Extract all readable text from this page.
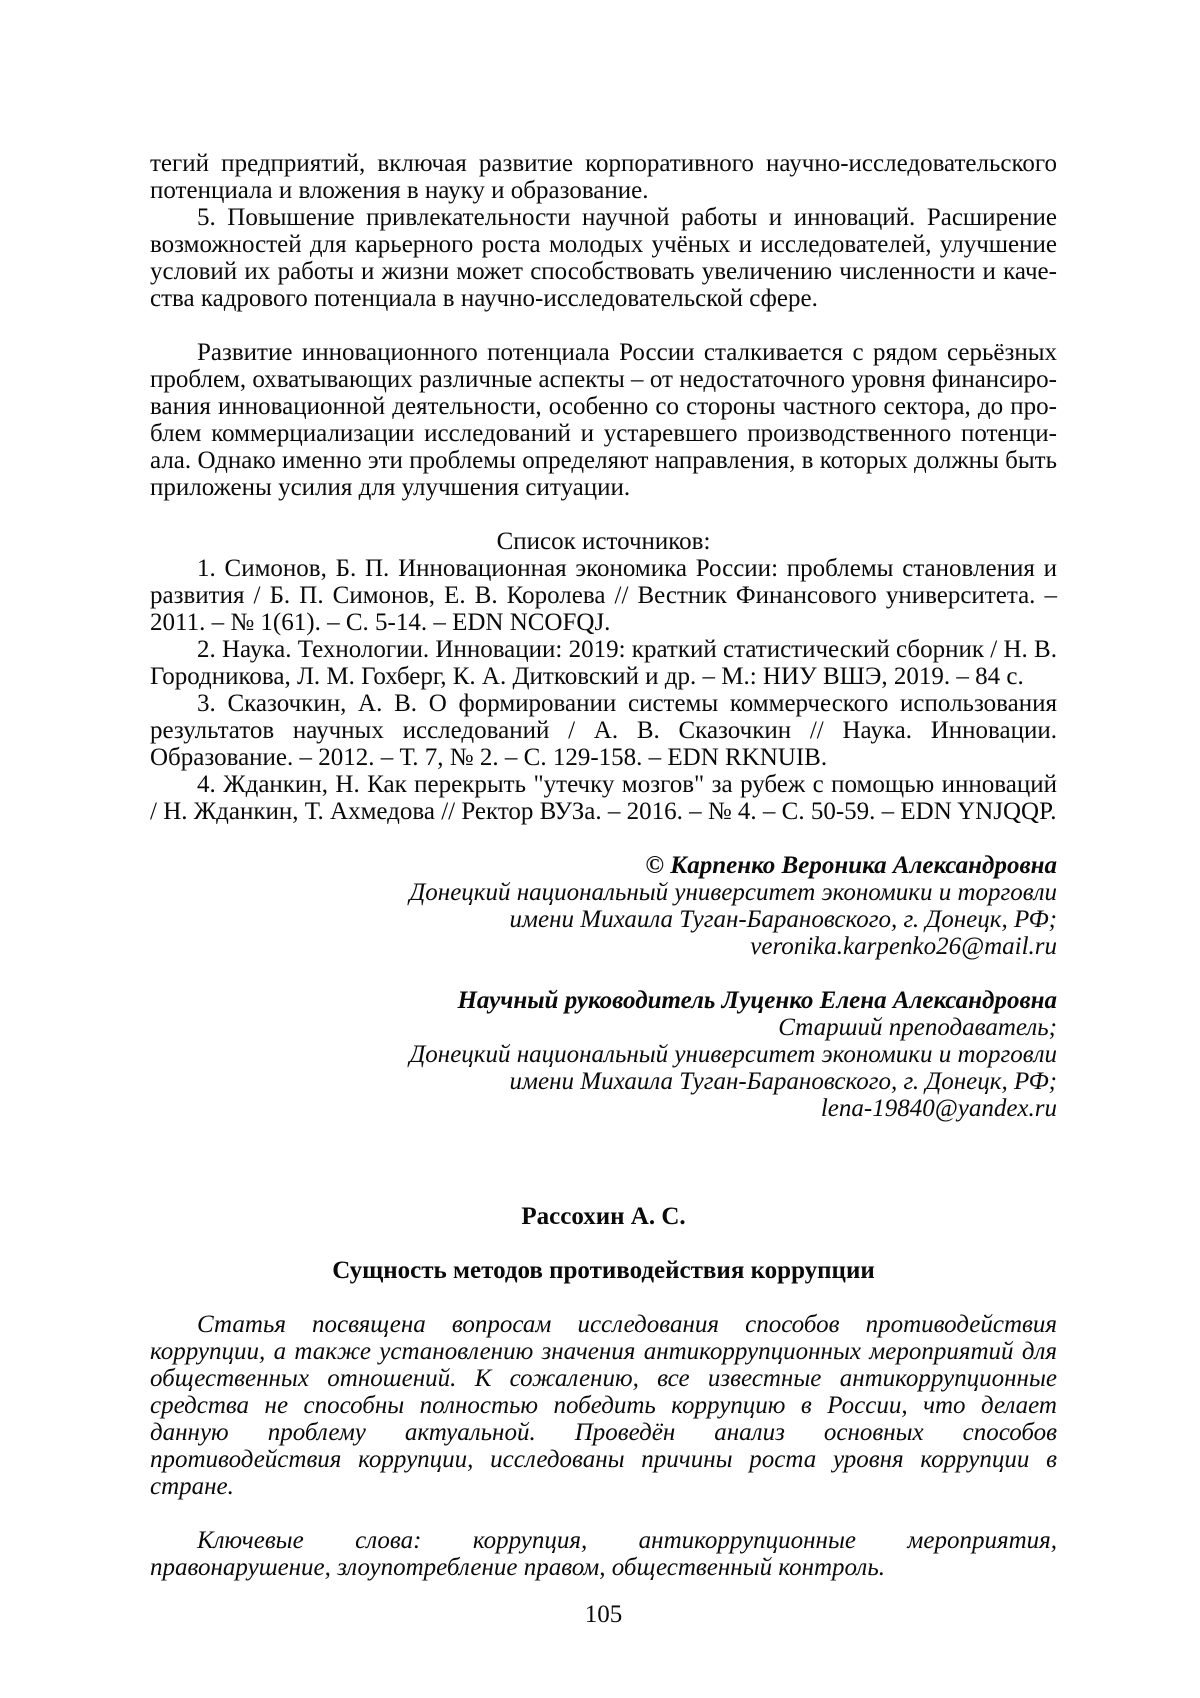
тегий предприятий, включая развитие корпоративного научно-исследовательского потенциала и вложения в науку и образование.

5. Повышение привлекательности научной работы и инноваций. Расширение возможностей для карьерного роста молодых учёных и исследователей, улучшение условий их работы и жизни может способствовать увеличению численности и качества кадрового потенциала в научно-исследовательской сфере.

Развитие инновационного потенциала России сталкивается с рядом серьёзных проблем, охватывающих различные аспекты – от недостаточного уровня финансирования инновационной деятельности, особенно со стороны частного сектора, до проблем коммерциализации исследований и устаревшего производственного потенциала. Однако именно эти проблемы определяют направления, в которых должны быть приложены усилия для улучшения ситуации.

Список источников:

1. Симонов, Б. П. Инновационная экономика России: проблемы становления и развития / Б. П. Симонов, Е. В. Королева // Вестник Финансового университета. – 2011. – № 1(61). – С. 5-14. – EDN NCOFQJ.

2. Наука. Технологии. Инновации: 2019: краткий статистический сборник / Н. В. Городникова, Л. М. Гохберг, К. А. Дитковский и др. – М.: НИУ ВШЭ, 2019. – 84 с.

3. Сказочкин, А. В. О формировании системы коммерческого использования результатов научных исследований / А. В. Сказочкин // Наука. Инновации. Образование. – 2012. – Т. 7, № 2. – С. 129-158. – EDN RKNUIB.

4. Жданкин, Н. Как перекрыть "утечку мозгов" за рубеж с помощью инноваций / Н. Жданкин, Т. Ахмедова // Ректор ВУЗа. – 2016. – № 4. – С. 50-59. – EDN YNJQQP.

© Карпенко Вероника Александровна

Донецкий национальный университет экономики и торговли

имени Михаила Туган-Барановского, г. Донецк, РФ;

veronika.karpenko26@mail.ru

Научный руководитель Луценко Елена Александровна

Старший преподаватель;

Донецкий национальный университет экономики и торговли

имени Михаила Туган-Барановского, г. Донецк, РФ;

lena-19840@yandex.ru

Рассохин А. С.

Сущность методов противодействия коррупции

Статья посвящена вопросам исследования способов противодействия коррупции, а также установлению значения антикоррупционных мероприятий для общественных отношений. К сожалению, все известные антикоррупционные средства не способны полностью победить коррупцию в России, что делает данную проблему актуальной. Проведён анализ основных способов противодействия коррупции, исследованы причины роста уровня коррупции в стране.

Ключевые слова: коррупция, антикоррупционные мероприятия, правонарушение, злоупотребление правом, общественный контроль.

105
